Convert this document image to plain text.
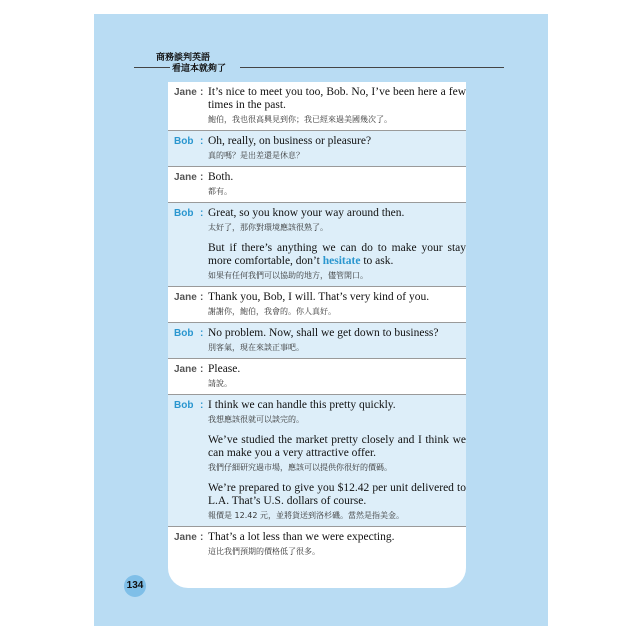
商務談判英語
看這本就夠了
Jane : It’s nice to meet you too, Bob. No, I’ve been here a few times in the past.
鮑伯，我也很高興見到你；我已經來過美國幾次了。
Bob : Oh, really, on business or pleasure?
真的嗎？是出差還是休息？
Jane : Both.
都有。
Bob : Great, so you know your way around then.
太好了，那你對環境應該很熟了。
But if there’s anything we can do to make your stay more comfortable, don’t hesitate to ask.
如果有任何我們可以協助的地方，儘管開口。
Jane : Thank you, Bob, I will. That’s very kind of you.
謝謝你，鮑伯，我會的。你人真好。
Bob : No problem. Now, shall we get down to business?
別客氣，現在來談正事吧。
Jane : Please.
請說。
Bob : I think we can handle this pretty quickly.
我想應該很就可以談完的。
We’ve studied the market pretty closely and I think we can make you a very attractive offer.
我們仔細研究過市場，應該可以提供你很好的價碼。
We’re prepared to give you $12.42 per unit delivered to L.A. That’s U.S. dollars of course.
報價是 12.42 元，並將貨送到洛杉磯。當然是指美金。
Jane : That’s a lot less than we were expecting.
這比我們預期的價格低了很多。
134
